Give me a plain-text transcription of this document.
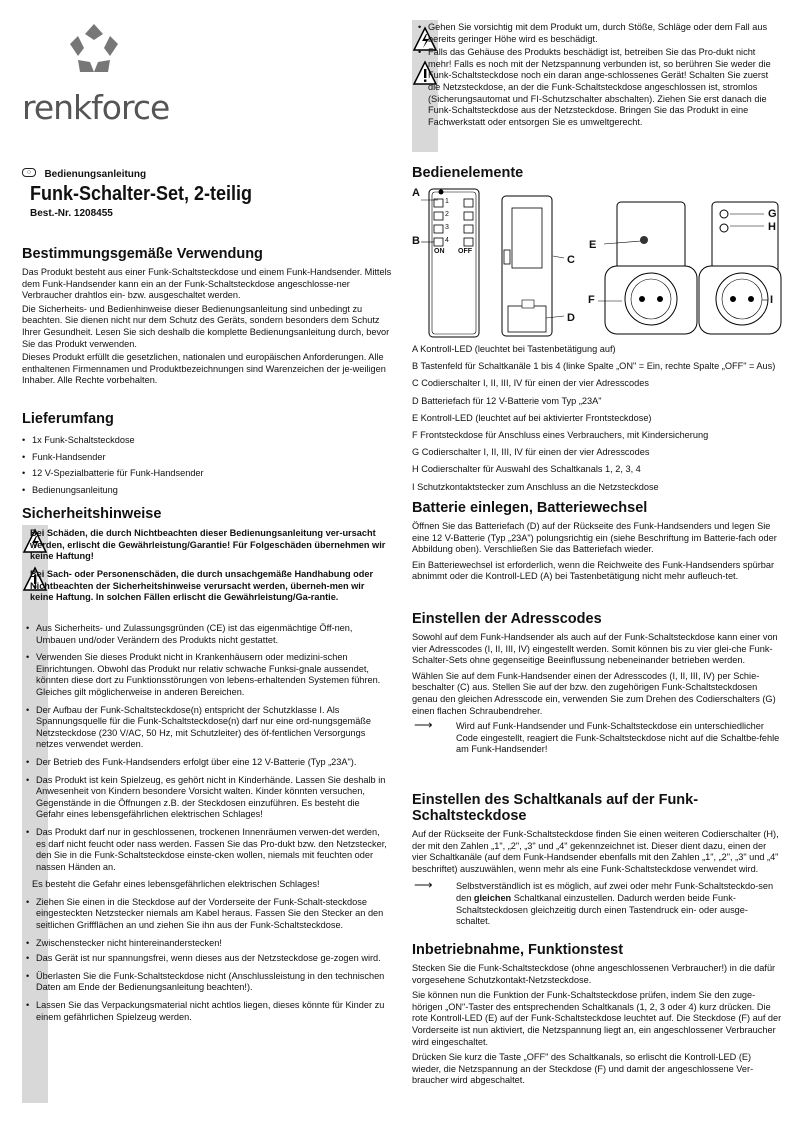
renkforce
○ Bedienungsanleitung
Funk-Schalter-Set, 2-teilig
Best.-Nr. 1208455
Bestimmungsgemäße Verwendung

Das Produkt besteht aus einer Funk-Schaltsteckdose und einem Funk-Handsender. Mittels dem Funk-Handsender kann ein an der Funk-Schaltsteckdose angeschlosse-ner Verbraucher drahtlos ein- bzw. ausgeschaltet werden.

Die Sicherheits- und Bedienhinweise dieser Bedienungsanleitung sind unbedingt zu beachten. Sie dienen nicht nur dem Schutz des Geräts, sondern besonders dem Schutz Ihrer Gesundheit. Lesen Sie sich deshalb die komplette Bedienungsanleitung durch, bevor Sie das Produkt verwenden.

Dieses Produkt erfüllt die gesetzlichen, nationalen und europäischen Anforderungen. Alle enthaltenen Firmennamen und Produktbezeichnungen sind Warenzeichen der je-weiligen Inhaber. Alle Rechte vorbehalten.

Lieferumfang
• 1x Funk-Schaltsteckdose
• Funk-Handsender
• 12 V-Spezialbatterie für Funk-Handsender
• Bedienungsanleitung
Sicherheitshinweise
Bei Schäden, die durch Nichtbeachten dieser Bedienungsanleitung ver-ursacht werden, erlischt die Gewährleistung/Garantie! Für Folgeschäden übernehmen wir keine Haftung!
Bei Sach- oder Personenschäden, die durch unsachgemäße Handhabung oder Nichtbeachten der Sicherheitshinweise verursacht werden, überneh-men wir keine Haftung. In solchen Fällen erlischt die Gewährleistung/Ga-rantie.
• Aus Sicherheits- und Zulassungsgründen (CE) ist das eigenmächtige Öff-nen, Umbauen und/oder Verändern des Produkts nicht gestattet.
• Verwenden Sie dieses Produkt nicht in Krankenhäusern oder medizini-schen Einrichtungen. Obwohl das Produkt nur relativ schwache Funksi-gnale aussendet, könnten diese dort zu Funktionsstörungen von lebens-erhaltenden Systemen führen. Gleiches gilt möglicherweise in anderen Bereichen.
• Der Aufbau der Funk-Schaltsteckdose(n) entspricht der Schutzklasse I. Als Spannungsquelle für die Funk-Schaltsteckdose(n) darf nur eine ord-nungsgemäße Netzsteckdose (230 V/AC, 50 Hz, mit Schutzleiter) des öf-fentlichen Versorgungs netzes verwendet werden.
• Der Betrieb des Funk-Handsenders erfolgt über eine 12 V-Batterie (Typ „23A").
• Das Produkt ist kein Spielzeug, es gehört nicht in Kinderhände. Lassen Sie deshalb in Anwesenheit von Kindern besondere Vorsicht walten. Kinder könnten versuchen, Gegenstände in die Öffnungen z.B. der Steckdosen einzuführen. Es besteht die Gefahr eines lebensgefährlichen elektrischen Schlages!
• Das Produkt darf nur in geschlossenen, trockenen Innenräumen verwen-det werden, es darf nicht feucht oder nass werden. Fassen Sie das Pro-dukt bzw. den Netzstecker, den Sie in die Funk-Schaltsteckdose einste-cken wollen, niemals mit feuchten oder nassen Händen an.
Es besteht die Gefahr eines lebensgefährlichen elektrischen Schlages!
• Ziehen Sie einen in die Steckdose auf der Vorderseite der Funk-Schalt-steckdose eingesteckten Netzstecker niemals am Kabel heraus. Fassen Sie den Stecker an den seitlichen Griffflächen an und ziehen Sie ihn aus der Funk-Schaltsteckdose.
• Zwischenstecker nicht hintereinanderstecken!
• Das Gerät ist nur spannungsfrei, wenn dieses aus der Netzsteckdose ge-zogen wird.
• Überlasten Sie die Funk-Schaltsteckdose nicht (Anschlussleistung in den technischen Daten am Ende der Bedienungsanleitung beachten!).
• Lassen Sie das Verpackungsmaterial nicht achtlos liegen, dieses könnte für Kinder zu einem gefährlichen Spielzeug werden.
• Gehen Sie vorsichtig mit dem Produkt um, durch Stöße, Schläge oder dem Fall aus bereits geringer Höhe wird es beschädigt.
• Falls das Gehäuse des Produkts beschädigt ist, betreiben Sie das Pro-dukt nicht mehr! Falls es noch mit der Netzspannung verbunden ist, so berühren Sie weder die Funk-Schaltsteckdose noch ein daran ange-schlossenes Gerät! Schalten Sie zuerst die Netzsteckdose, an der die Funk-Schaltsteckdose angeschlossen ist, stromlos (Sicherungsautomat und FI-Schutzschalter abschalten). Ziehen Sie erst danach die Funk-Schaltsteckdose aus der Netzsteckdose. Bringen Sie das Produkt in eine Fachwerkstatt oder entsorgen Sie es umweltgerecht.
Bedienelemente
A
B
C
D
E
F
G
H
I
1
2
3
4
ON OFF
A Kontroll-LED (leuchtet bei Tastenbetätigung auf)
B Tastenfeld für Schaltkanäle 1 bis 4 (linke Spalte „ON" = Ein, rechte Spalte „OFF" = Aus)
C Codierschalter I, II, III, IV für einen der vier Adresscodes
D Batteriefach für 12 V-Batterie vom Typ „23A"
E Kontroll-LED (leuchtet auf bei aktivierter Frontsteckdose)
F Frontsteckdose für Anschluss eines Verbrauchers, mit Kindersicherung
G Codierschalter I, II, III, IV für einen der vier Adresscodes
H Codierschalter für Auswahl des Schaltkanals 1, 2, 3, 4
I Schutzkontaktstecker zum Anschluss an die Netzsteckdose
Batterie einlegen, Batteriewechsel

Öffnen Sie das Batteriefach (D) auf der Rückseite des Funk-Handsenders und legen Sie eine 12 V-Batterie (Typ „23A") polungsrichtig ein (siehe Beschriftung im Batterie-fach oder Abbildung oben). Verschließen Sie das Batteriefach wieder.

Ein Batteriewechsel ist erforderlich, wenn die Reichweite des Funk-Handsenders spürbar abnimmt oder die Kontroll-LED (A) bei Tastenbetätigung nicht mehr aufleuch-tet.

Einstellen der Adresscodes

Sowohl auf dem Funk-Handsender als auch auf der Funk-Schaltsteckdose kann einer von vier Adresscodes (I, II, III, IV) eingestellt werden. Somit können bis zu vier glei-che Funk-Schalter-Sets ohne gegenseitige Beeinflussung nebeneinander betrieben werden.

Wählen Sie auf dem Funk-Handsender einen der Adresscodes (I, II, III, IV) per Schie-beschalter (C) aus. Stellen Sie auf der bzw. den zugehörigen Funk-Schaltsteckdosen genau den gleichen Adresscode ein, verwenden Sie zum Drehen des Codierschalters (G) einen flachen Schraubendreher.

⟶	Wird auf Funk-Handsender und Funk-Schaltsteckdose ein unterschiedlicher Code eingestellt, reagiert die Funk-Schaltsteckdose nicht auf die Schaltbe-fehle am Funk-Handsender!
Einstellen des Schaltkanals auf der Funk-Schaltsteckdose

Auf der Rückseite der Funk-Schaltsteckdose finden Sie einen weiteren Codierschalter (H), der mit den Zahlen „1", „2", „3" und „4" gekennzeichnet ist. Dieser dient dazu, einen der vier Schaltkanäle (auf dem Funk-Handsender ebenfalls mit den Zahlen „1", „2", „3" und „4" beschriftet) auszuwählen, wenn mehr als eine Funk-Schaltsteckdose verwendet wird.

⟶	Selbstverständlich ist es möglich, auf zwei oder mehr Funk-Schaltsteckdo-sen den gleichen Schaltkanal einzustellen. Dadurch werden beide Funk-Schaltsteckdosen gleichzeitig durch einen Tastendruck ein- oder ausge-schaltet.
Inbetriebnahme, Funktionstest

Stecken Sie die Funk-Schaltsteckdose (ohne angeschlossenen Verbraucher!) in die dafür vorgesehene Schutzkontakt-Netzsteckdose.

Sie können nun die Funktion der Funk-Schaltsteckdose prüfen, indem Sie den zuge-hörigen „ON"-Taster des entsprechenden Schaltkanals (1, 2, 3 oder 4) kurz drücken. Die rote Kontroll-LED (E) auf der Funk-Schaltsteckdose leuchtet auf. Die Steckdose (F) auf der Vorderseite ist nun aktiviert, die Netzspannung liegt an, ein angeschlossener Verbraucher wird eingeschaltet.

Drücken Sie kurz die Taste „OFF" des Schaltkanals, so erlischt die Kontroll-LED (E) wieder, die Netzspannung an der Steckdose (F) und damit der angeschlossene Ver-braucher wird abgeschaltet.
